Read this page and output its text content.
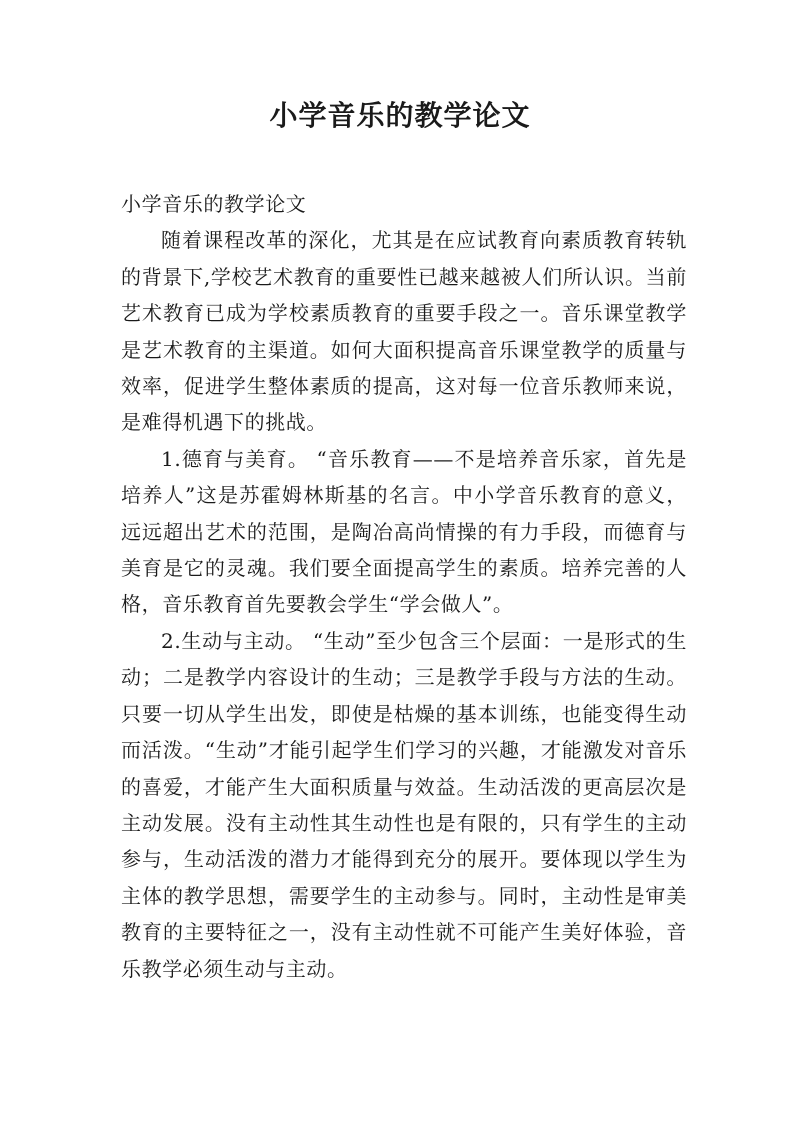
小学音乐的教学论文

小学音乐的教学论文

随着课程改革的深化，尤其是在应试教育向素质教育转轨的背景下,学校艺术教育的重要性已越来越被人们所认识。当前艺术教育已成为学校素质教育的重要手段之一。音乐课堂教学是艺术教育的主渠道。如何大面积提高音乐课堂教学的质量与效率，促进学生整体素质的提高，这对每一位音乐教师来说，是难得机遇下的挑战。

1.德育与美育。 “音乐教育——不是培养音乐家，首先是培养人”这是苏霍姆林斯基的名言。中小学音乐教育的意义，远远超出艺术的范围，是陶冶高尚情操的有力手段，而德育与美育是它的灵魂。我们要全面提高学生的素质。培养完善的人格，音乐教育首先要教会学生“学会做人”。

2.生动与主动。 “生动”至少包含三个层面：一是形式的生动；二是教学内容设计的生动；三是教学手段与方法的生动。只要一切从学生出发，即使是枯燥的基本训练，也能变得生动而活泼。“生动”才能引起学生们学习的兴趣，才能激发对音乐的喜爱，才能产生大面积质量与效益。生动活泼的更高层次是主动发展。没有主动性其生动性也是有限的，只有学生的主动参与，生动活泼的潜力才能得到充分的展开。要体现以学生为主体的教学思想，需要学生的主动参与。同时，主动性是审美教育的主要特征之一，没有主动性就不可能产生美好体验，音乐教学必须生动与主动。
